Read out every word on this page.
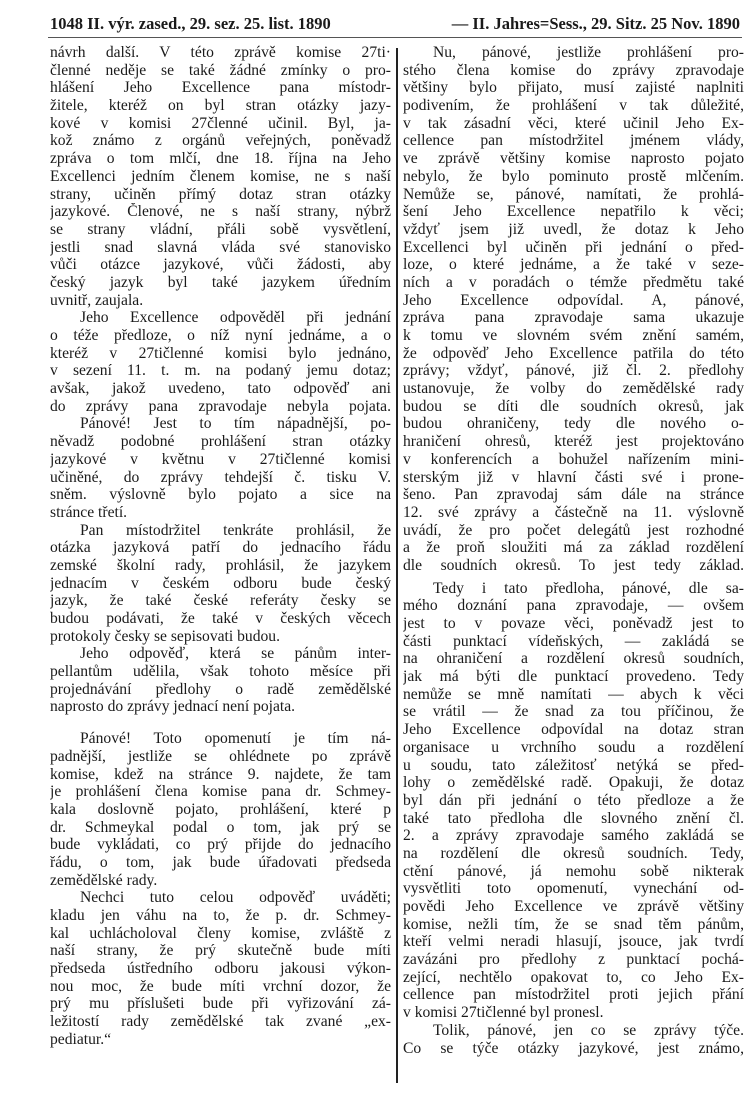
1048 II. výr. zased., 29. sez. 25. list. 1890	— II. Jahres=Sess., 29. Sitz. 25 Nov. 1890
návrh další. V této zprávě komise 27ti·
členné neděje se také žádné zmínky o pro-
hlášení Jeho Excellence pana místodr-
žitele, kteréž on byl stran otázky jazy-
kové v komisi 27členné učinil. Byl, ja-
kož známo z orgánů veřejných, poněvadž
zpráva o tom mlčí, dne 18. října na Jeho
Excellenci jedním členem komise, ne s naší
strany, učiněn přímý dotaz stran otázky
jazykové. Členové, ne s naší strany, nýbrž
se strany vládní, přáli sobě vysvětlení,
jestli snad slavná vláda své stanovisko
vůči otázce jazykové, vůči žádosti, aby
český jazyk byl také jazykem úředním
uvnitř, zaujala.
Jeho Excellence odpověděl při jednání
o téže předloze, o níž nyní jednáme, a o
kteréž v 27tičlenné komisi bylo jednáno,
v sezení 11. t. m. na podaný jemu dotaz;
avšak, jakož uvedeno, tato odpověď ani
do zprávy pana zpravodaje nebyla pojata.
Pánové! Jest to tím nápadnější, po-
něvadž podobné prohlášení stran otázky
jazykové v květnu v 27tičlenné komisi
učiněné, do zprávy tehdejší č. tisku V.
sněm. výslovně bylo pojato a sice na
stránce třetí.
Pan místodržitel tenkráte prohlásil, že
otázka jazyková patří do jednacího řádu
zemské školní rady, prohlásil, že jazykem
jednacím v českém odboru bude český
jazyk, že také české referáty česky se
budou podávati, že také v českých věcech
protokoly česky se sepisovati budou.
Jeho odpověď, která se pánům inter-
pellantům udělila, však tohoto měsíce při
projednávání předlohy o radě zemědělské
naprosto do zprávy jednací není pojata.
Pánové! Toto opomenutí je tím ná-
padnější, jestliže se ohlédnete po zprávě
komise, kdež na stránce 9. najdete, že tam
je prohlášení člena komise pana dr. Schmey-
kala doslovně pojato, prohlášení, které p
dr. Schmeykal podal o tom, jak prý se
bude vykládati, co prý přijde do jednacího
řádu, o tom, jak bude úřadovati předseda
zemědělské rady.
Nechci tuto celou odpověď uváděti;
kladu jen váhu na to, že p. dr. Schmey-
kal uchlácholoval členy komise, zvláště z
naší strany, že prý skutečně bude míti
předseda ústředního odboru jakousi výkon-
nou moc, že bude míti vrchní dozor, že
prý mu příslušeti bude při vyřizování zá-
ležitostí rady zemědělské tak zvané „ex-
pediatur.“
Nu, pánové, jestliže prohlášení pro-
stého člena komise do zprávy zpravodaje
většiny bylo přijato, musí zajisté naplniti
podivením, že prohlášení v tak důležité,
v tak zásadní věci, které učinil Jeho Ex-
cellence pan místodržitel jménem vlády,
ve zprávě většiny komise naprosto pojato
nebylo, že bylo pominuto prostě mlčením.
Nemůže se, pánové, namítati, že prohlá-
šení Jeho Excellence nepatřilo k věci;
vždyť jsem již uvedl, že dotaz k Jeho
Excellenci byl učiněn při jednání o před-
loze, o které jednáme, a že také v seze-
ních a v poradách o témže předmětu také
Jeho Excellence odpovídal. A, pánové,
zpráva pana zpravodaje sama ukazuje
k tomu ve slovném svém znění samém,
že odpověď Jeho Excellence patřila do této
zprávy; vždyť, pánové, již čl. 2. předlohy
ustanovuje, že volby do zemědělské rady
budou se díti dle soudních okresů, jak
budou ohraničeny, tedy dle nového o-
hraničení ohresů, kteréž jest projektováno
v konferencích a bohužel nařízením mini-
sterským již v hlavní části své i prone-
šeno. Pan zpravodaj sám dále na stránce
12. své zprávy a částečně na 11. výslovně
uvádí, že pro počet delegátů jest rozhodné
a že proň sloužiti má za základ rozdělení
dle soudních okresů. To jest tedy základ.
Tedy i tato předloha, pánové, dle sa-
mého doznání pana zpravodaje, — ovšem
jest to v povaze věci, poněvadž jest to
části punktací vídeňských, — zakládá se
na ohraničení a rozdělení okresů soudních,
jak má býti dle punktací provedeno. Tedy
nemůže se mně namítati — abych k věci
se vrátil — že snad za tou příčinou, že
Jeho Excellence odpovídal na dotaz stran
organisace u vrchního soudu a rozdělení
u soudu, tato záležitosť netýká se před-
lohy o zemědělské radě. Opakuji, že dotaz
byl dán při jednání o této předloze a že
také tato předloha dle slovného znění čl.
2. a zprávy zpravodaje samého zakládá se
na rozdělení dle okresů soudních. Tedy,
ctění pánové, já nemohu sobě nikterak
vysvětliti toto opomenutí, vynechání od-
povědi Jeho Excellence ve zprávě většiny
komise, nežli tím, že se snad těm pánům,
kteří velmi neradi hlasují, jsouce, jak tvrdí
zavázáni pro předlohy z punktací pochá-
zející, nechtělo opakovat to, co Jeho Ex-
cellence pan místodržitel proti jejich přání
v komisi 27tičlenné byl pronesl.
Tolik, pánové, jen co se zprávy týče.
Co se týče otázky jazykové, jest známo,
